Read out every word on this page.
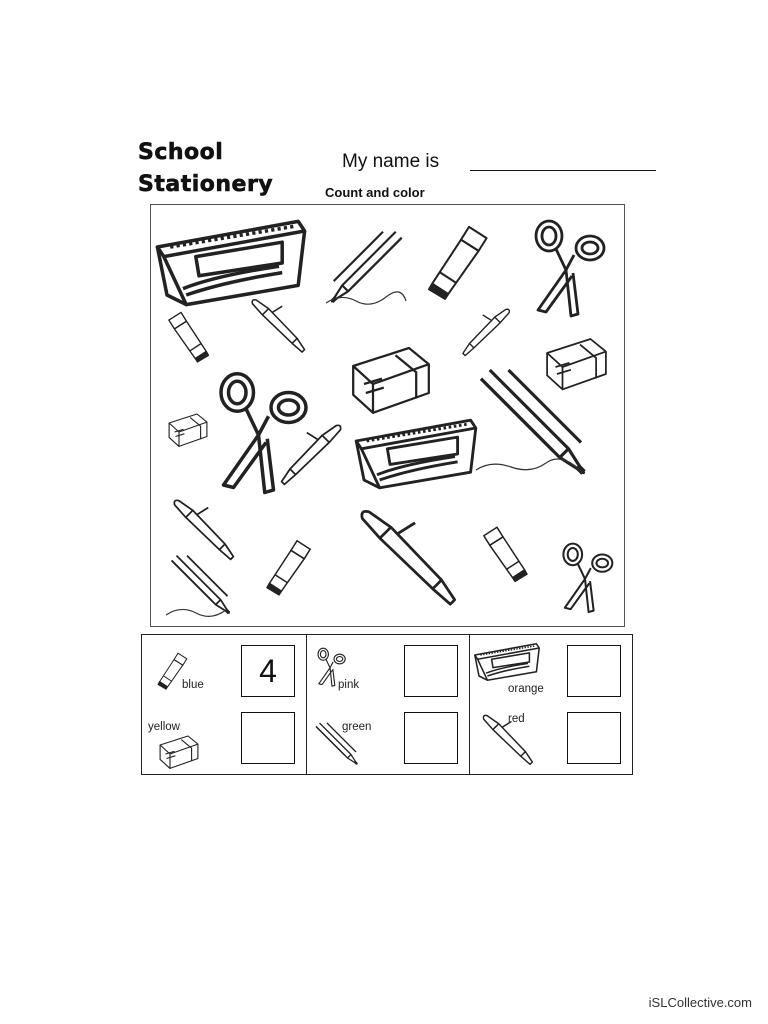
School
Stationery
My name is
Count and color
blue	4
yellow
pink
green
orange
red
iSLCollective.com
